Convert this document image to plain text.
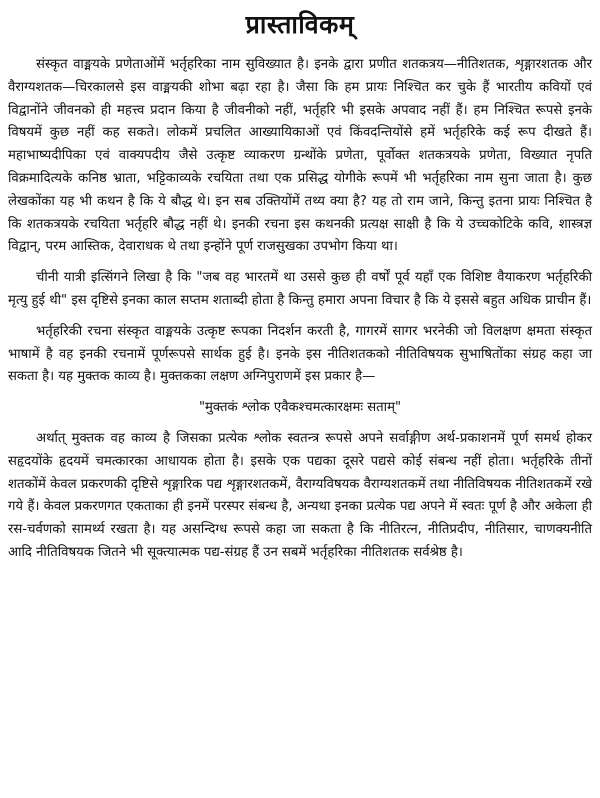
प्रास्ताविकम्

संस्कृत वाङ्मयके प्रणेताओंमें भर्तृहरिका नाम सुविख्यात है। इनके द्वारा प्रणीत शतकत्रय—नीतिशतक, शृङ्गारशतक और वैराग्यशतक—चिरकालसे इस वाङ्मयकी शोभा बढ़ा रहा है। जैसा कि हम प्रायः निश्चित कर चुके हैं भारतीय कवियों एवं विद्वानोंने जीवनको ही महत्त्व प्रदान किया है जीवनीको नहीं, भर्तृहरि भी इसके अपवाद नहीं हैं। हम निश्चित रूपसे इनके विषयमें कुछ नहीं कह सकते। लोकमें प्रचलित आख्यायिकाओं एवं किंवदन्तियोंसे हमें भर्तृहरिके कई रूप दीखते हैं। महाभाष्यदीपिका एवं वाक्यपदीय जैसे उत्कृष्ट व्याकरण ग्रन्थोंके प्रणेता, पूर्वोक्त शतकत्रयके प्रणेता, विख्यात नृपति विक्रमादित्यके कनिष्ठ भ्राता, भट्टिकाव्यके रचयिता तथा एक प्रसिद्ध योगीके रूपमें भी भर्तृहरिका नाम सुना जाता है। कुछ लेखकोंका यह भी कथन है कि ये बौद्ध थे। इन सब उक्तियोंमें तथ्य क्या है? यह तो राम जाने, किन्तु इतना प्रायः निश्चित है कि शतकत्रयके रचयिता भर्तृहरि बौद्ध नहीं थे। इनकी रचना इस कथनकी प्रत्यक्ष साक्षी है कि ये उच्चकोटिके कवि, शास्त्रज्ञ विद्वान्, परम आस्तिक, देवाराधक थे तथा इन्होंने पूर्ण राजसुखका उपभोग किया था।

चीनी यात्री इत्सिंगने लिखा है कि "जब वह भारतमें था उससे कुछ ही वर्षों पूर्व यहाँ एक विशिष्ट वैयाकरण भर्तृहरिकी मृत्यु हुई थी" इस दृष्टिसे इनका काल सप्तम शताब्दी होता है किन्तु हमारा अपना विचार है कि ये इससे बहुत अधिक प्राचीन हैं।

भर्तृहरिकी रचना संस्कृत वाङ्मयके उत्कृष्ट रूपका निदर्शन करती है, गागरमें सागर भरनेकी जो विलक्षण क्षमता संस्कृत भाषामें है वह इनकी रचनामें पूर्णरूपसे सार्थक हुई है। इनके इस नीतिशतकको नीतिविषयक सुभाषितोंका संग्रह कहा जा सकता है। यह मुक्तक काव्य है। मुक्तकका लक्षण अग्निपुराणमें इस प्रकार है—

"मुक्तकं श्लोक एवैकश्चमत्कारक्षमः सताम्"

अर्थात् मुक्तक वह काव्य है जिसका प्रत्येक श्लोक स्वतन्त्र रूपसे अपने सर्वाङ्गीण अर्थ-प्रकाशनमें पूर्ण समर्थ होकर सहृदयोंके हृदयमें चमत्कारका आधायक होता है। इसके एक पद्यका दूसरे पद्यसे कोई संबन्ध नहीं होता। भर्तृहरिके तीनों शतकोंमें केवल प्रकरणकी दृष्टिसे शृङ्गारिक पद्य शृङ्गारशतकमें, वैराग्यविषयक वैराग्यशतकमें तथा नीतिविषयक नीतिशतकमें रखे गये हैं। केवल प्रकरणगत एकताका ही इनमें परस्पर संबन्ध है, अन्यथा इनका प्रत्येक पद्य अपने में स्वतः पूर्ण है और अकेला ही रस-चर्वणको सामर्थ्य रखता है। यह असन्दिग्ध रूपसे कहा जा सकता है कि नीतिरत्न, नीतिप्रदीप, नीतिसार, चाणक्यनीति आदि नीतिविषयक जितने भी सूक्त्यात्मक पद्य-संग्रह हैं उन सबमें भर्तृहरिका नीतिशतक सर्वश्रेष्ठ है।
